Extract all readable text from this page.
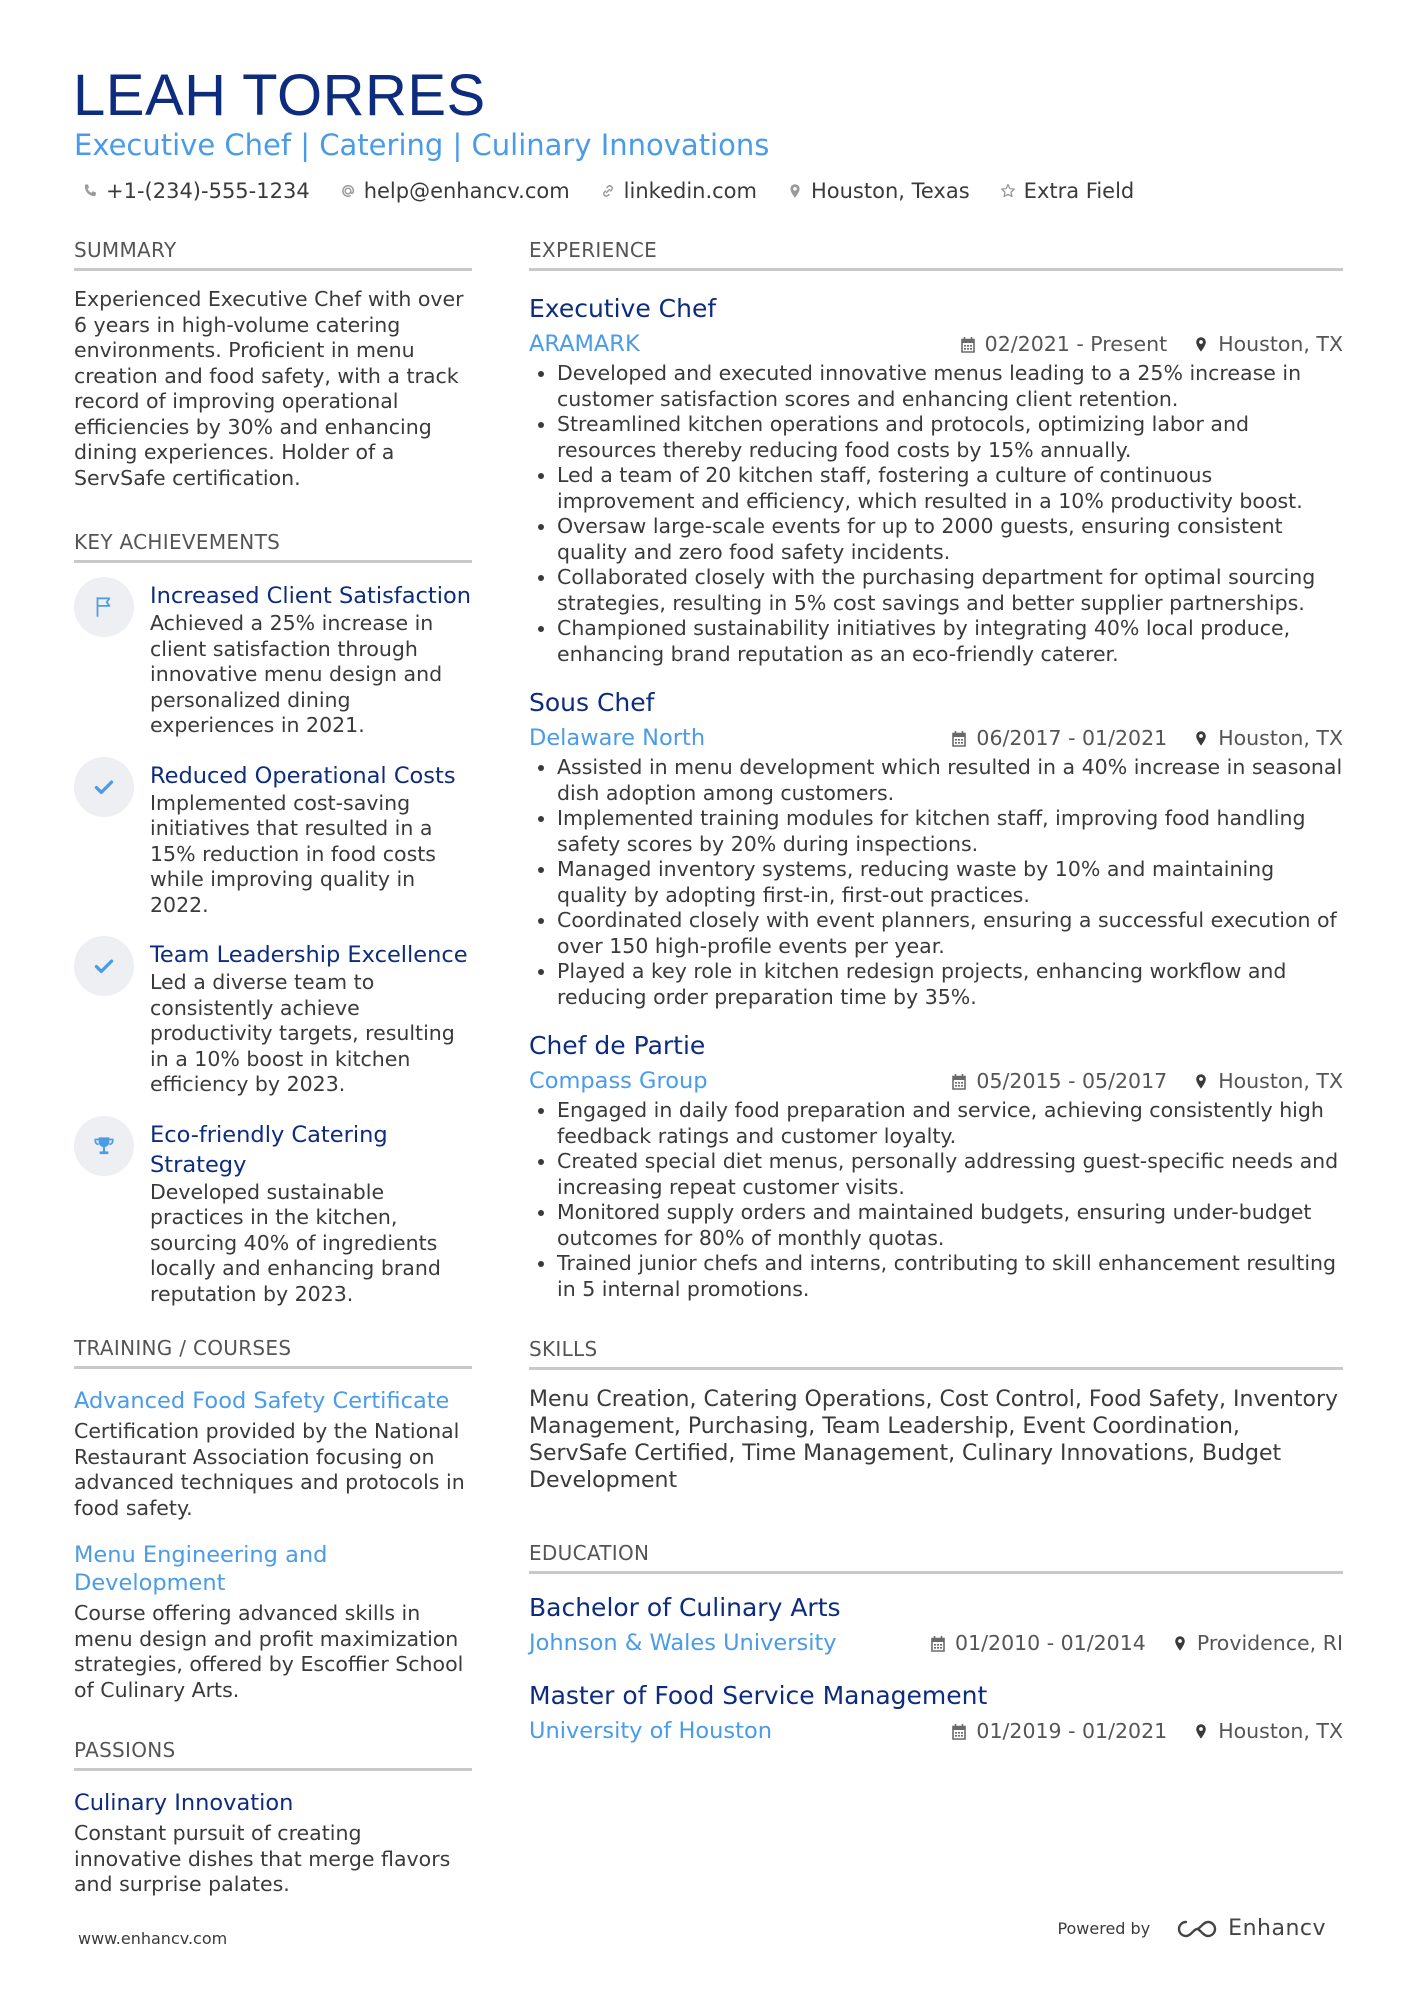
LEAH TORRES
Executive Chef | Catering | Culinary Innovations
+1-(234)-555-1234	help@enhancv.com	linkedin.com	Houston, Texas	Extra Field
SUMMARY
Experienced Executive Chef with over 6 years in high-volume catering environments. Proficient in menu creation and food safety, with a track record of improving operational efficiencies by 30% and enhancing dining experiences. Holder of a ServSafe certification.
KEY ACHIEVEMENTS
Increased Client Satisfaction
Achieved a 25% increase in client satisfaction through innovative menu design and personalized dining experiences in 2021.
Reduced Operational Costs
Implemented cost-saving initiatives that resulted in a 15% reduction in food costs while improving quality in 2022.
Team Leadership Excellence
Led a diverse team to consistently achieve productivity targets, resulting in a 10% boost in kitchen efficiency by 2023.
Eco-friendly Catering Strategy
Developed sustainable practices in the kitchen, sourcing 40% of ingredients locally and enhancing brand reputation by 2023.
TRAINING / COURSES
Advanced Food Safety Certificate
Certification provided by the National Restaurant Association focusing on advanced techniques and protocols in food safety.
Menu Engineering and Development
Course offering advanced skills in menu design and profit maximization strategies, offered by Escoffier School of Culinary Arts.
PASSIONS
Culinary Innovation
Constant pursuit of creating innovative dishes that merge flavors and surprise palates.
EXPERIENCE
Executive Chef
ARAMARK	02/2021 - Present Houston, TX
• Developed and executed innovative menus leading to a 25% increase in customer satisfaction scores and enhancing client retention.
• Streamlined kitchen operations and protocols, optimizing labor and resources thereby reducing food costs by 15% annually.
• Led a team of 20 kitchen staff, fostering a culture of continuous improvement and efficiency, which resulted in a 10% productivity boost.
• Oversaw large-scale events for up to 2000 guests, ensuring consistent quality and zero food safety incidents.
• Collaborated closely with the purchasing department for optimal sourcing strategies, resulting in 5% cost savings and better supplier partnerships.
• Championed sustainability initiatives by integrating 40% local produce, enhancing brand reputation as an eco-friendly caterer.
Sous Chef
Delaware North	06/2017 - 01/2021 Houston, TX
• Assisted in menu development which resulted in a 40% increase in seasonal dish adoption among customers.
• Implemented training modules for kitchen staff, improving food handling safety scores by 20% during inspections.
• Managed inventory systems, reducing waste by 10% and maintaining quality by adopting first-in, first-out practices.
• Coordinated closely with event planners, ensuring a successful execution of over 150 high-profile events per year.
• Played a key role in kitchen redesign projects, enhancing workflow and reducing order preparation time by 35%.
Chef de Partie
Compass Group	05/2015 - 05/2017 Houston, TX
• Engaged in daily food preparation and service, achieving consistently high feedback ratings and customer loyalty.
• Created special diet menus, personally addressing guest-specific needs and increasing repeat customer visits.
• Monitored supply orders and maintained budgets, ensuring under-budget outcomes for 80% of monthly quotas.
• Trained junior chefs and interns, contributing to skill enhancement resulting in 5 internal promotions.
SKILLS
Menu Creation, Catering Operations, Cost Control, Food Safety, Inventory Management, Purchasing, Team Leadership, Event Coordination, ServSafe Certified, Time Management, Culinary Innovations, Budget Development
EDUCATION
Bachelor of Culinary Arts
Johnson & Wales University	01/2010 - 01/2014 Providence, RI
Master of Food Service Management
University of Houston	01/2019 - 01/2021 Houston, TX
www.enhancv.com
Powered by	Enhancv
